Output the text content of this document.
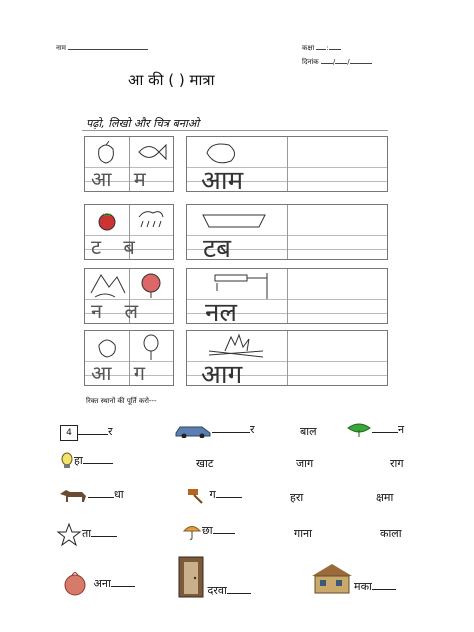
नाम	कक्षा :
दिनांक / /
आ की ( ) मात्रा
पढ़ो, लिखो और चित्र बनाओ
आ म आम
ट ब टब
न ल नल
आ ग आग
रिक्त स्थानों की पूर्ति करो---
4	र	र	बाल	न
हा	खाट	जाग	राग
धा	ग	हरा	क्षमा
ता	छा	गाना	काला
अना
दरवा	मका
